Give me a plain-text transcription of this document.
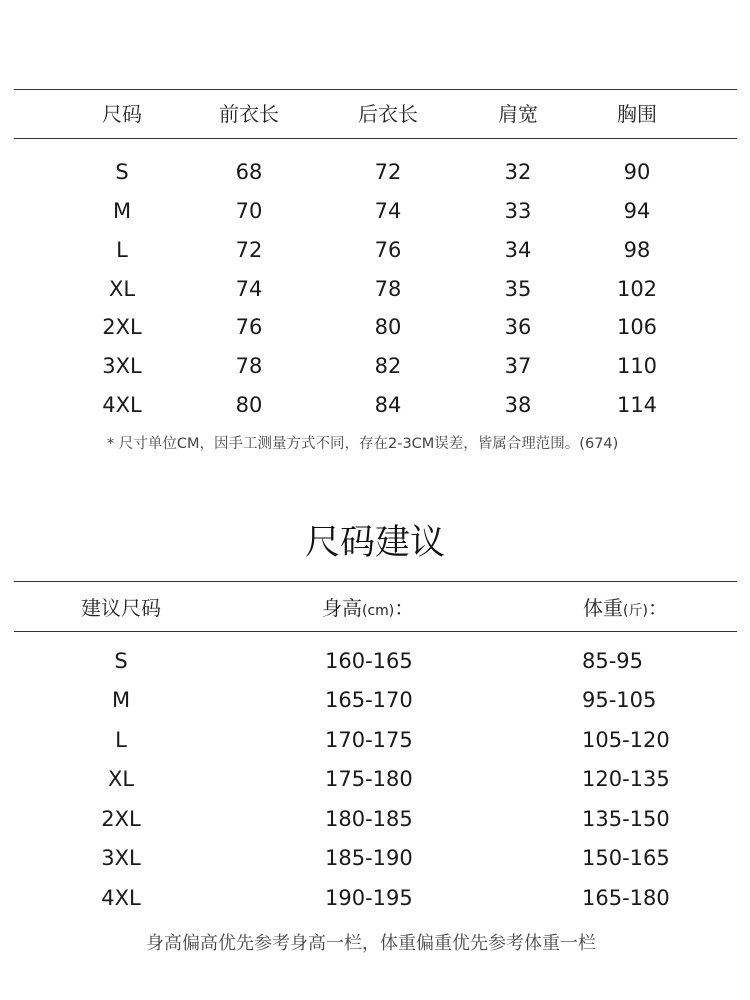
尺码	前衣长	后衣长	肩宽	胸围
S	68	72	32	90
M	70	74	33	94
L	72	76	34	98
XL	74	78	35	102
2XL	76	80	36	106
3XL	78	82	37	110
4XL	80	84	38	114
* 尺寸单位CM，因手工测量方式不同，存在2-3CM误差，皆属合理范围。(674)
尺码建议
建议尺码	身高(cm)：	体重(斤)：
S	160-165	85-95
M	165-170	95-105
L	170-175	105-120
XL	175-180	120-135
2XL	180-185	135-150
3XL	185-190	150-165
4XL	190-195	165-180
身高偏高优先参考身高一栏，体重偏重优先参考体重一栏
